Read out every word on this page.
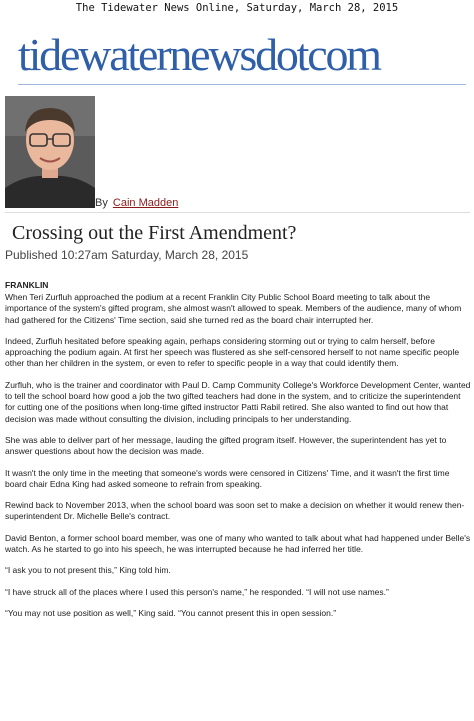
The Tidewater News Online, Saturday, March 28, 2015
tidewaternewsdotcom
By Cain Madden
Crossing out the First Amendment?
Published 10:27am Saturday, March 28, 2015
FRANKLIN

When Teri Zurfluh approached the podium at a recent Franklin City Public School Board meeting to talk about the importance of the system's gifted program, she almost wasn't allowed to speak. Members of the audience, many of whom had gathered for the Citizens' Time section, said she turned red as the board chair interrupted her.

Indeed, Zurfluh hesitated before speaking again, perhaps considering storming out or trying to calm herself, before approaching the podium again. At first her speech was flustered as she self-censored herself to not name specific people other than her children in the system, or even to refer to specific people in a way that could identify them.

Zurfluh, who is the trainer and coordinator with Paul D. Camp Community College's Workforce Development Center, wanted to tell the school board how good a job the two gifted teachers had done in the system, and to criticize the superintendent for cutting one of the positions when long-time gifted instructor Patti Rabil retired. She also wanted to find out how that decision was made without consulting the division, including principals to her understanding.

She was able to deliver part of her message, lauding the gifted program itself. However, the superintendent has yet to answer questions about how the decision was made.

It wasn't the only time in the meeting that someone's words were censored in Citizens' Time, and it wasn't the first time board chair Edna King had asked someone to refrain from speaking.

Rewind back to November 2013, when the school board was soon set to make a decision on whether it would renew then-superintendent Dr. Michelle Belle's contract.

David Benton, a former school board member, was one of many who wanted to talk about what had happened under Belle's watch. As he started to go into his speech, he was interrupted because he had inferred her title.

“I ask you to not present this,” King told him.

“I have struck all of the places where I used this person's name,” he responded. “I will not use names.”

“You may not use position as well,” King said. “You cannot present this in open session.”
